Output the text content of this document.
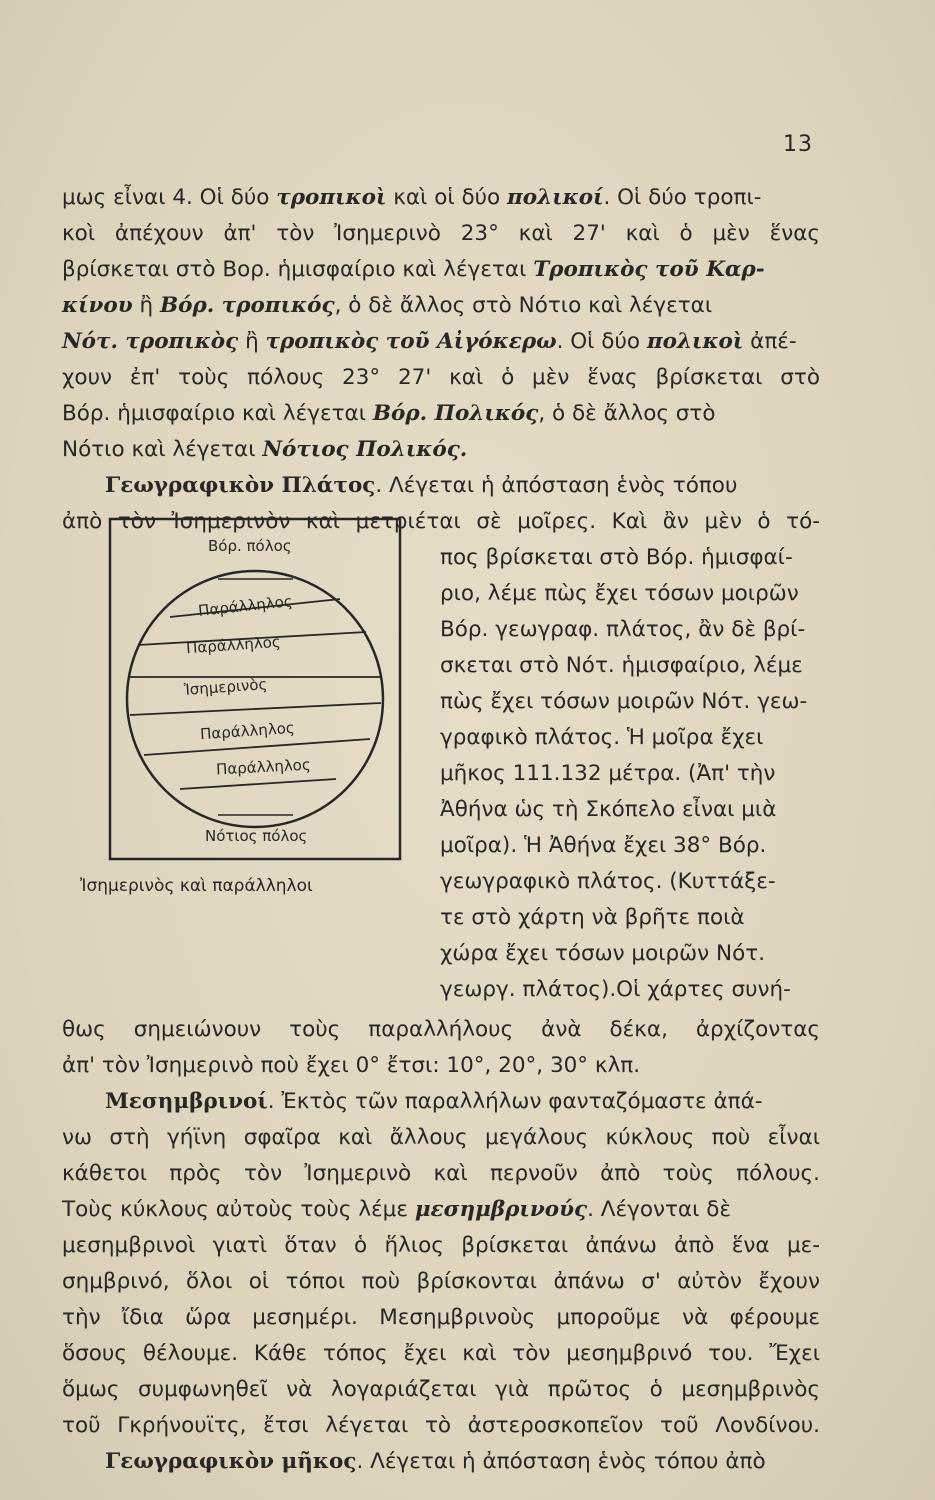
13
μως εἶναι 4. Οἱ δύο τροπικοὶ καὶ οἱ δύο πολικοί. Οἱ δύο τροπι-
κοὶ ἀπέχουν ἀπ' τὸν Ἰσημερινὸ 23° καὶ 27' καὶ ὁ μὲν ἕνας
βρίσκεται στὸ Βορ. ἡμισφαίριο καὶ λέγεται Τροπικὸς τοῦ Καρ-
κίνου ἢ Βόρ. τροπικός, ὁ δὲ ἄλλος στὸ Νότιο καὶ λέγεται
Νότ. τροπικὸς ἢ τροπικὸς τοῦ Αἰγόκερω. Οἱ δύο πολικοὶ ἀπέ-
χουν ἐπ' τοὺς πόλους 23° 27' καὶ ὁ μὲν ἕνας βρίσκεται στὸ
Βόρ. ἡμισφαίριο καὶ λέγεται Βόρ. Πολικός, ὁ δὲ ἄλλος στὸ
Νότιο καὶ λέγεται Νότιος Πολικός.
Γεωγραφικὸν Πλάτος. Λέγεται ἡ ἀπόσταση ἑνὸς τόπου
ἀπὸ τὸν Ἰσημερινὸν καὶ μετριέται σὲ μοῖρες. Καὶ ἂν μὲν ὁ τό-
πος βρίσκεται στὸ Βόρ. ἡμισφαί-
ριο, λέμε πὼς ἔχει τόσων μοιρῶν
Βόρ. γεωγραφ. πλάτος, ἂν δὲ βρί-
σκεται στὸ Νότ. ἡμισφαίριο, λέμε
πὼς ἔχει τόσων μοιρῶν Νότ. γεω-
γραφικὸ πλάτος. Ἡ μοῖρα ἔχει
μῆκος 111.132 μέτρα. (Ἀπ' τὴν
Ἀθήνα ὡς τὴ Σκόπελο εἶναι μιὰ
μοῖρα). Ἡ Ἀθήνα ἔχει 38° Βόρ.
γεωγραφικὸ πλάτος. (Κυττάξε-
τε στὸ χάρτη νὰ βρῆτε ποιὰ
χώρα ἔχει τόσων μοιρῶν Νότ.
γεωργ. πλάτος).Οἱ χάρτες συνή-
Βόρ. πόλος
Παράλληλος
Παράλληλος
Ἰσημερινὸς
Παράλληλος
Παράλληλος
Νότιος πόλος
Ἰσημερινὸς καὶ παράλληλοι
θως σημειώνουν τοὺς παραλλήλους ἀνὰ δέκα, ἀρχίζοντας
ἀπ' τὸν Ἰσημερινὸ ποὺ ἔχει 0° ἔτσι: 10°, 20°, 30° κλπ.
Μεσημβρινοί. Ἐκτὸς τῶν παραλλήλων φανταζόμαστε ἀπά-
νω στὴ γήϊνη σφαῖρα καὶ ἄλλους μεγάλους κύκλους ποὺ εἶναι
κάθετοι πρὸς τὸν Ἰσημερινὸ καὶ περνοῦν ἀπὸ τοὺς πόλους.
Τοὺς κύκλους αὐτοὺς τοὺς λέμε μεσημβρινούς. Λέγονται δὲ
μεσημβρινοὶ γιατὶ ὅταν ὁ ἥλιος βρίσκεται ἀπάνω ἀπὸ ἕνα με-
σημβρινό, ὅλοι οἱ τόποι ποὺ βρίσκονται ἀπάνω σ' αὐτὸν ἔχουν
τὴν ἴδια ὥρα μεσημέρι. Μεσημβρινοὺς μποροῦμε νὰ φέρουμε
ὅσους θέλουμε. Κάθε τόπος ἔχει καὶ τὸν μεσημβρινό του. Ἔχει
ὅμως συμφωνηθεῖ νὰ λογαριάζεται γιὰ πρῶτος ὁ μεσημβρινὸς
τοῦ Γκρήνουϊτς, ἔτσι λέγεται τὸ ἀστεροσκοπεῖον τοῦ Λονδίνου.
Γεωγραφικὸν μῆκος. Λέγεται ἡ ἀπόσταση ἑνὸς τόπου ἀπὸ
